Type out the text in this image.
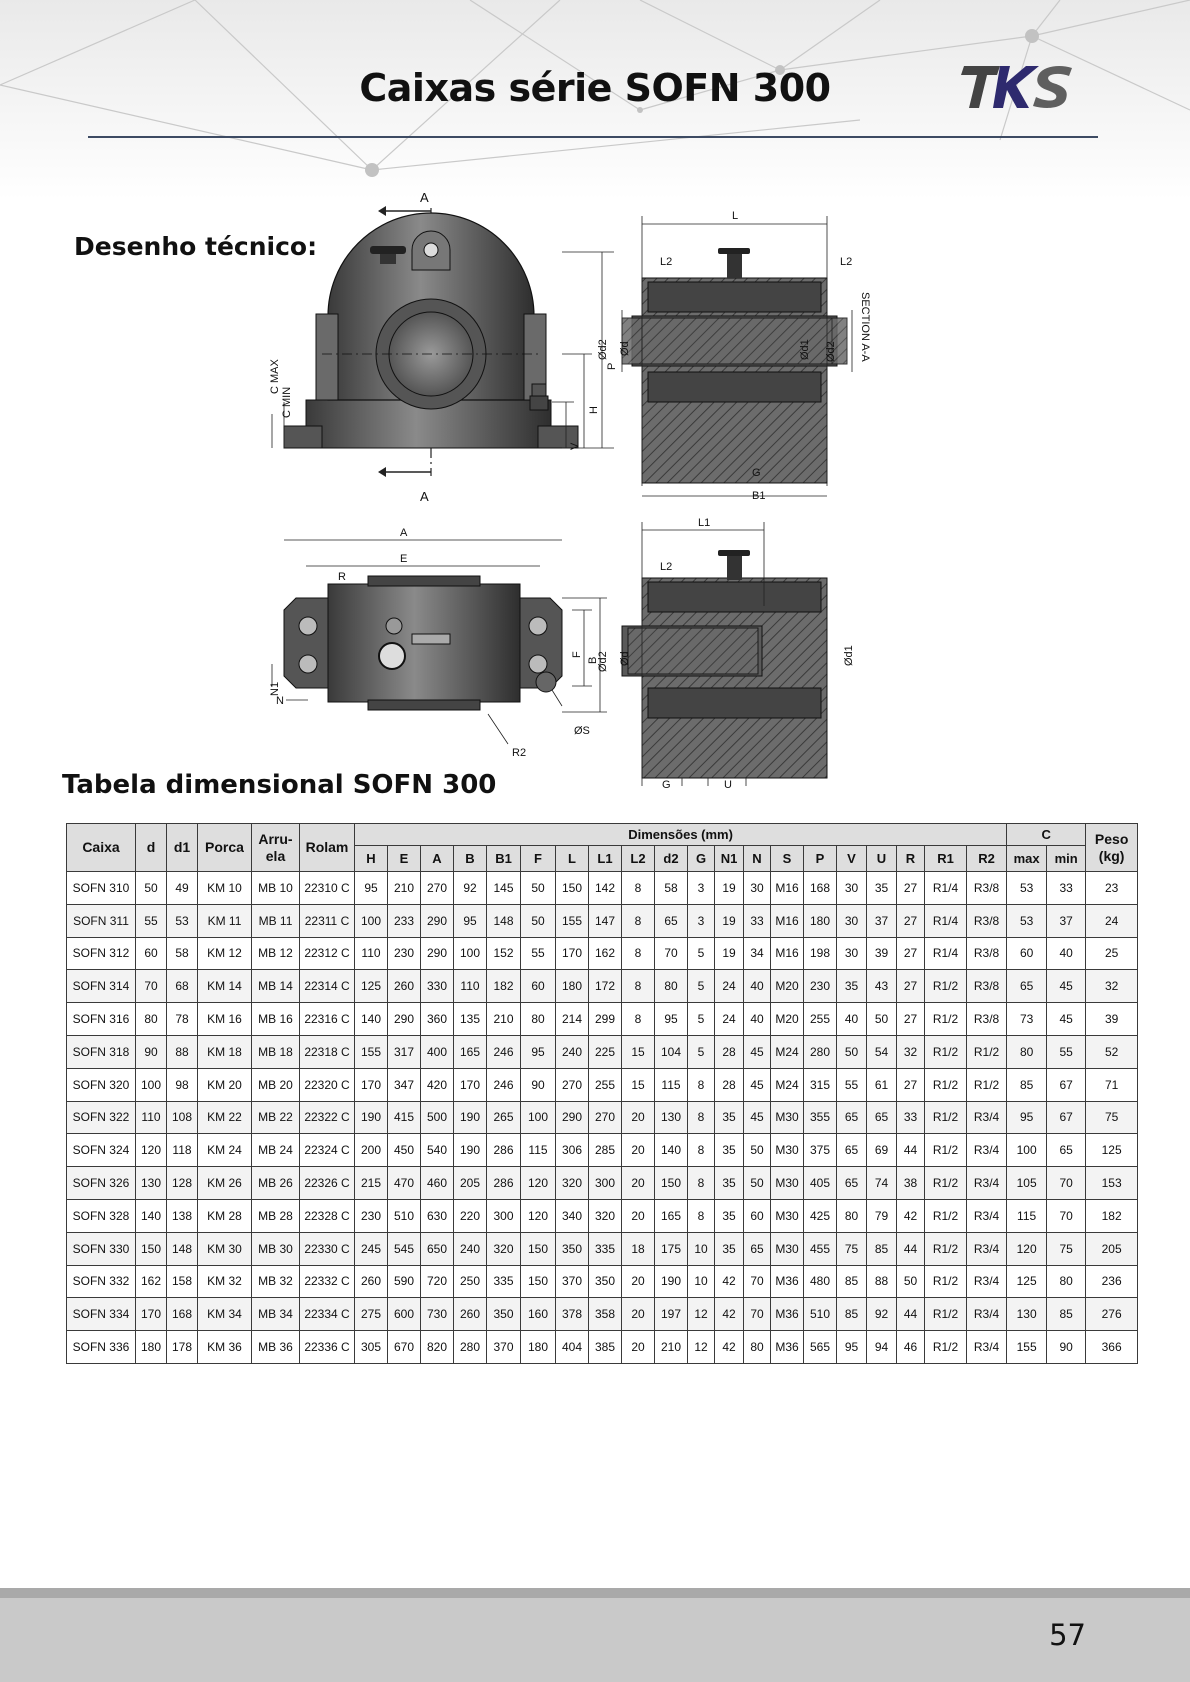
Caixas série SOFN 300
Desenho técnico:
A
A
C MAX
C MIN
P
H
V
L
L2	L2
Ød2 Ød	Ød1 Ød2 SECTION A-A
G
B1
A
E
R
F
B
N1
N
ØS
R2
L1
L2
Ød2 Ød	Ød1
G	U
Tabela dimensional SOFN 300
Caixa	d	d1	Porca	Arru-
ela	Rolam	Dimensões (mm)																				C		Peso
(kg)
						H	E	A	B	B1	F	L	L1	L2	d2	G	N1	N	S	P	V	U	R	R1	R2	max	min	
SOFN 310	50	49	KM 10	MB 10	22310 C	95	210	270	92	145	50	150	142	8	58	3	19	30	M16	168	30	35	27	R1/4	R3/8	53	33	23
SOFN 311	55	53	KM 11	MB 11	22311 C	100	233	290	95	148	50	155	147	8	65	3	19	33	M16	180	30	37	27	R1/4	R3/8	53	37	24
SOFN 312	60	58	KM 12	MB 12	22312 C	110	230	290	100	152	55	170	162	8	70	5	19	34	M16	198	30	39	27	R1/4	R3/8	60	40	25
SOFN 314	70	68	KM 14	MB 14	22314 C	125	260	330	110	182	60	180	172	8	80	5	24	40	M20	230	35	43	27	R1/2	R3/8	65	45	32
SOFN 316	80	78	KM 16	MB 16	22316 C	140	290	360	135	210	80	214	299	8	95	5	24	40	M20	255	40	50	27	R1/2	R3/8	73	45	39
SOFN 318	90	88	KM 18	MB 18	22318 C	155	317	400	165	246	95	240	225	15	104	5	28	45	M24	280	50	54	32	R1/2	R1/2	80	55	52
SOFN 320	100	98	KM 20	MB 20	22320 C	170	347	420	170	246	90	270	255	15	115	8	28	45	M24	315	55	61	27	R1/2	R1/2	85	67	71
SOFN 322	110	108	KM 22	MB 22	22322 C	190	415	500	190	265	100	290	270	20	130	8	35	45	M30	355	65	65	33	R1/2	R3/4	95	67	75
SOFN 324	120	118	KM 24	MB 24	22324 C	200	450	540	190	286	115	306	285	20	140	8	35	50	M30	375	65	69	44	R1/2	R3/4	100	65	125
SOFN 326	130	128	KM 26	MB 26	22326 C	215	470	460	205	286	120	320	300	20	150	8	35	50	M30	405	65	74	38	R1/2	R3/4	105	70	153
SOFN 328	140	138	KM 28	MB 28	22328 C	230	510	630	220	300	120	340	320	20	165	8	35	60	M30	425	80	79	42	R1/2	R3/4	115	70	182
SOFN 330	150	148	KM 30	MB 30	22330 C	245	545	650	240	320	150	350	335	18	175	10	35	65	M30	455	75	85	44	R1/2	R3/4	120	75	205
SOFN 332	162	158	KM 32	MB 32	22332 C	260	590	720	250	335	150	370	350	20	190	10	42	70	M36	480	85	88	50	R1/2	R3/4	125	80	236
SOFN 334	170	168	KM 34	MB 34	22334 C	275	600	730	260	350	160	378	358	20	197	12	42	70	M36	510	85	92	44	R1/2	R3/4	130	85	276
SOFN 336	180	178	KM 36	MB 36	22336 C	305	670	820	280	370	180	404	385	20	210	12	42	80	M36	565	95	94	46	R1/2	R3/4	155	90	366
57
